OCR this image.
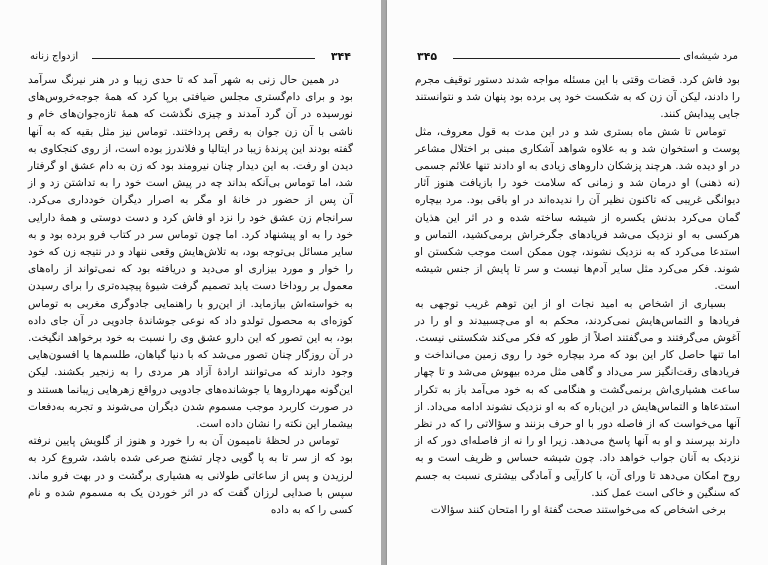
ازدواج زنانه	۳۴۴

در همین حال زنی به شهر آمد که تا حدی زیبا و در هنر نیرنگ سرآمد بود و برای دام‌گستری مجلس ضیافتی برپا کرد که همهٔ جوجه‌خروس‌های نورسیده در آن گرد آمدند و چیزی نگذشت که همهٔ تازه‌جوان‌های خام و ناشی با آن زن جوان به رقص پرداختند. توماس نیز مثل بقیه که به آنها گفته بودند این پرندهٔ زیبا در ایتالیا و فلاندرز بوده است، از روی کنجکاوی به دیدن او رفت. به این دیدار چنان نیرومند بود که زن به دام عشق او گرفتار شد، اما توماس بی‌آنکه بداند چه در پیش است خود را به تداشتن زد و از آن پس از حضور در خانهٔ او مگر به اصرار دیگران خودداری می‌کرد. سرانجام زن عشق خود را نزد او فاش کرد و دست دوستی و همهٔ دارایی خود را به او پیشنهاد کرد. اما چون توماس سر در کتاب فرو برده بود و به سایر مسائل بی‌توجه بود، به تلاش‌هایش وقعی ننهاد و در نتیجه زن که خود را خوار و مورد بیزاری او می‌دید و دریافته بود که نمی‌تواند از راه‌های معمول بر روداخا دست یابد تصمیم گرفت شیوهٔ پیچیده‌تری را برای رسیدن به خواسته‌اش بیازماید. از این‌رو با راهنمایی جادوگری مغربی به توماس کوزه‌ای به محصول تولدو داد که نوعی جوشاندهٔ جادویی در آن جای داده بود، به این تصور که این دارو عشق وی را نسبت به خود برخواهد انگیخت. در آن روزگار چنان تصور می‌شد که با دنیا گیاهان، طلسم‌ها یا افسون‌هایی وجود دارند که می‌توانند ارادهٔ آزاد هر مردی را به زنجیر بکشند. لیکن این‌گونه مهرداروها یا جوشانده‌های جادویی درواقع زهرهایی زیبا‌نما هستند و در صورت کاربرد موجب مسموم شدن دیگران می‌شوند و تجربه به‌دفعات بیشمار این نکته را نشان داده است.

توماس در لحظهٔ نامیمون آن به را خورد و هنوز از گلویش پایین نرفته بود که از سر تا به پا گویی دچار تشنج صرعی شده باشد، شروع کرد به لرزیدن و پس از ساعاتی طولانی به هشیاری برگشت و در بهت فرو ماند. سپس با صدایی لرزان گفت که در اثر خوردن یک به مسموم شده و نام کسی را که به داده

مرد شیشه‌ای
۳۴۵

بود فاش کرد. قضات وقتی با این مسئله مواجه شدند دستور توقیف مجرم را دادند، لیکن آن زن که به شکست خود پی برده بود پنهان شد و نتوانستند جایی پیدایش کنند.

توماس تا شش ماه بستری شد و در این مدت به قول معروف، مثل پوست و استخوان شد و به علاوه شواهد آشکاری مبنی بر اختلال مشاعر در او دیده شد. هرچند پزشکان داروهای زیادی به او دادند تنها علائم جسمی (نه ذهنی) او درمان شد و زمانی که سلامت خود را بازیافت هنوز آثار دیوانگی غریبی که تاکنون نظیر آن را ندیده‌اند در او باقی بود. مرد بیچاره گمان می‌کرد بدنش یکسره از شیشه ساخته شده و در اثر این هذیان هرکسی به او نزدیک می‌شد فریادهای جگرخراش برمی‌کشید، التماس و استدعا می‌کرد که به نزدیک نشوند، چون ممکن است موجب شکستن او شوند. فکر می‌کرد مثل سایر آدم‌ها نیست و سر تا پایش از جنس شیشه است.

بسیاری از اشخاص به امید نجات او از این توهم غریب توجهی به فریادها و التماس‌هایش نمی‌کردند، محکم به او می‌چسبیدند و او را در آغوش می‌گرفتند و می‌گفتند اصلاً از طور که فکر می‌کند شکستنی نیست. اما تنها حاصل کار این بود که مرد بیچاره خود را روی زمین می‌انداخت و فریادهای رقت‌انگیز سر می‌داد و گاهی مثل مرده بیهوش می‌شد و تا چهار ساعت هشیاری‌اش برنمی‌گشت و هنگامی که به خود می‌آمد باز به تکرار استدعاها و التماس‌هایش در این‌باره که به او نزدیک نشوند ادامه می‌داد. از آنها می‌خواست که از فاصله دور با او حرف بزنند و سؤالاتی را که در نظر دارند بپرسند و او به آنها پاسخ می‌دهد. زیرا او را نه از فاصله‌ای دور که از نزدیک به آنان جواب خواهد داد. چون شیشه حساس و ظریف است و به روح امکان می‌دهد تا ورای آن، با کارآیی و آمادگی بیشتری نسبت به جسم که سنگین و خاکی است عمل کند.

برخی اشخاص که می‌خواستند صحت گفتهٔ او را امتحان کنند سؤالات
